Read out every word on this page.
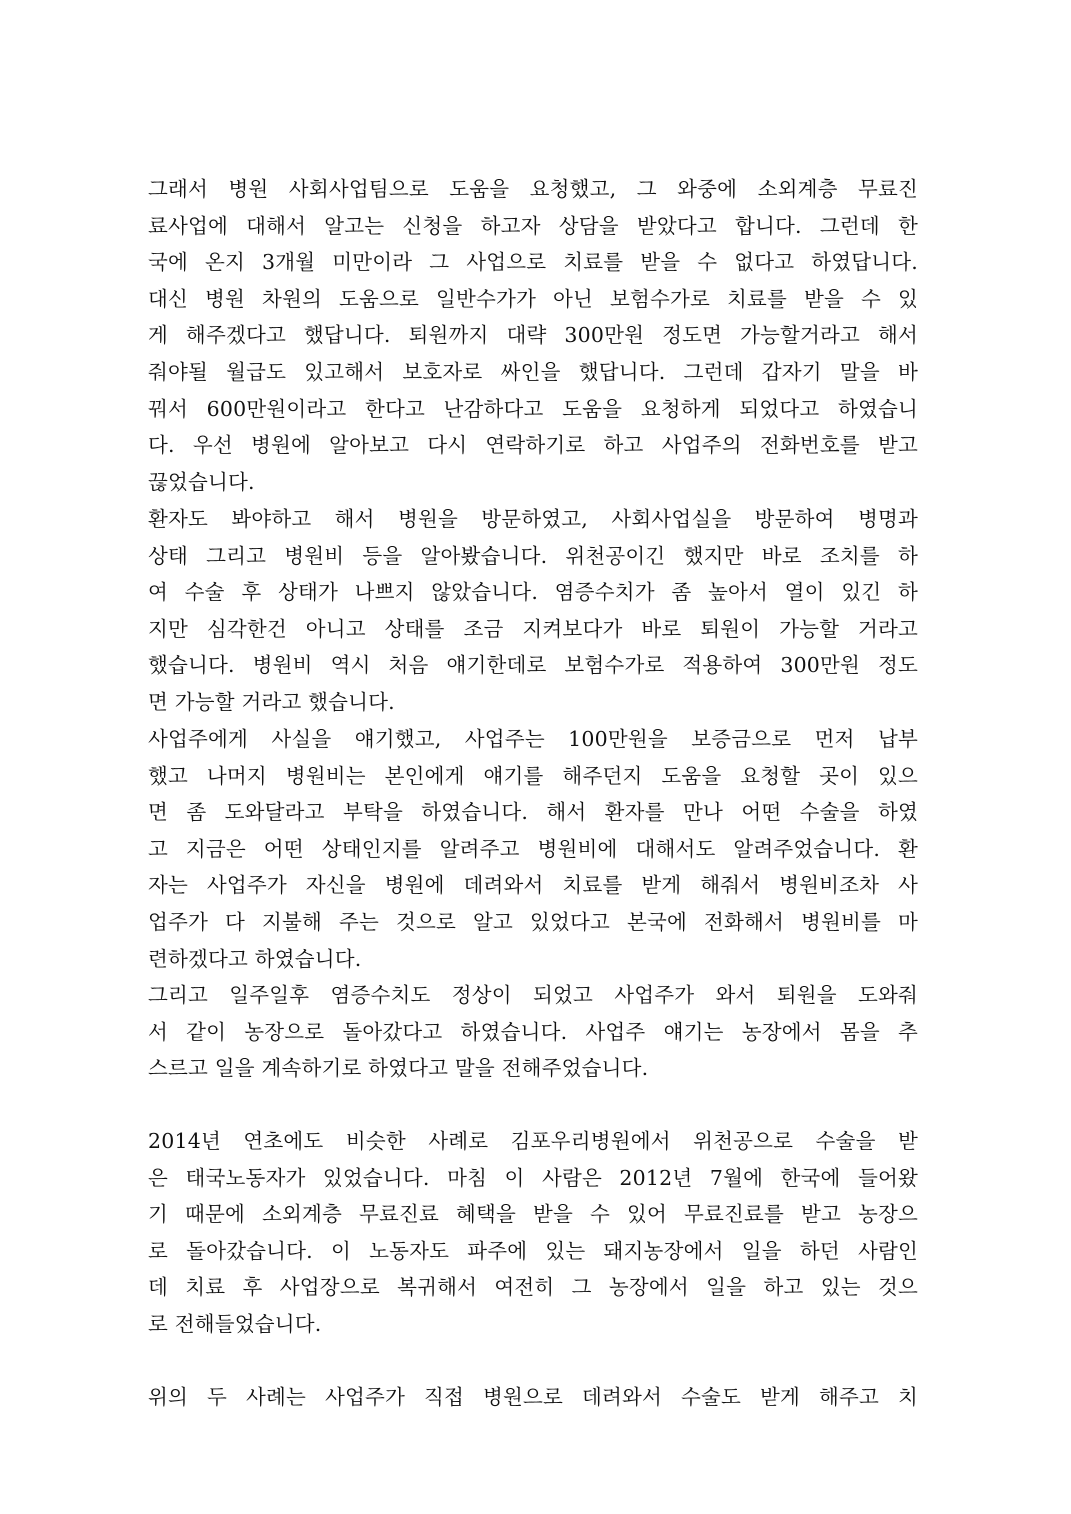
그래서 병원 사회사업팀으로 도움을 요청했고, 그 와중에 소외계층 무료진
료사업에 대해서 알고는 신청을 하고자 상담을 받았다고 합니다. 그런데 한
국에 온지 3개월 미만이라 그 사업으로 치료를 받을 수 없다고 하였답니다.
대신 병원 차원의 도움으로 일반수가가 아닌 보험수가로 치료를 받을 수 있
게 해주겠다고 했답니다. 퇴원까지 대략 300만원 정도면 가능할거라고 해서
줘야될 월급도 있고해서 보호자로 싸인을 했답니다. 그런데 갑자기 말을 바
꿔서 600만원이라고 한다고 난감하다고 도움을 요청하게 되었다고 하였습니
다. 우선 병원에 알아보고 다시 연락하기로 하고 사업주의 전화번호를 받고
끊었습니다.
환자도 봐야하고 해서 병원을 방문하였고, 사회사업실을 방문하여 병명과
상태 그리고 병원비 등을 알아봤습니다. 위천공이긴 했지만 바로 조치를 하
여 수술 후 상태가 나쁘지 않았습니다. 염증수치가 좀 높아서 열이 있긴 하
지만 심각한건 아니고 상태를 조금 지켜보다가 바로 퇴원이 가능할 거라고
했습니다. 병원비 역시 처음 얘기한데로 보험수가로 적용하여 300만원 정도
면 가능할 거라고 했습니다.
사업주에게 사실을 얘기했고, 사업주는 100만원을 보증금으로 먼저 납부
했고 나머지 병원비는 본인에게 얘기를 해주던지 도움을 요청할 곳이 있으
면 좀 도와달라고 부탁을 하였습니다. 해서 환자를 만나 어떤 수술을 하였
고 지금은 어떤 상태인지를 알려주고 병원비에 대해서도 알려주었습니다. 환
자는 사업주가 자신을 병원에 데려와서 치료를 받게 해줘서 병원비조차 사
업주가 다 지불해 주는 것으로 알고 있었다고 본국에 전화해서 병원비를 마
련하겠다고 하였습니다.
그리고 일주일후 염증수치도 정상이 되었고 사업주가 와서 퇴원을 도와줘
서 같이 농장으로 돌아갔다고 하였습니다. 사업주 얘기는 농장에서 몸을 추
스르고 일을 계속하기로 하였다고 말을 전해주었습니다.
2014년 연초에도 비슷한 사례로 김포우리병원에서 위천공으로 수술을 받
은 태국노동자가 있었습니다. 마침 이 사람은 2012년 7월에 한국에 들어왔
기 때문에 소외계층 무료진료 혜택을 받을 수 있어 무료진료를 받고 농장으
로 돌아갔습니다. 이 노동자도 파주에 있는 돼지농장에서 일을 하던 사람인
데 치료 후 사업장으로 복귀해서 여전히 그 농장에서 일을 하고 있는 것으
로 전해들었습니다.
위의 두 사례는 사업주가 직접 병원으로 데려와서 수술도 받게 해주고 치
